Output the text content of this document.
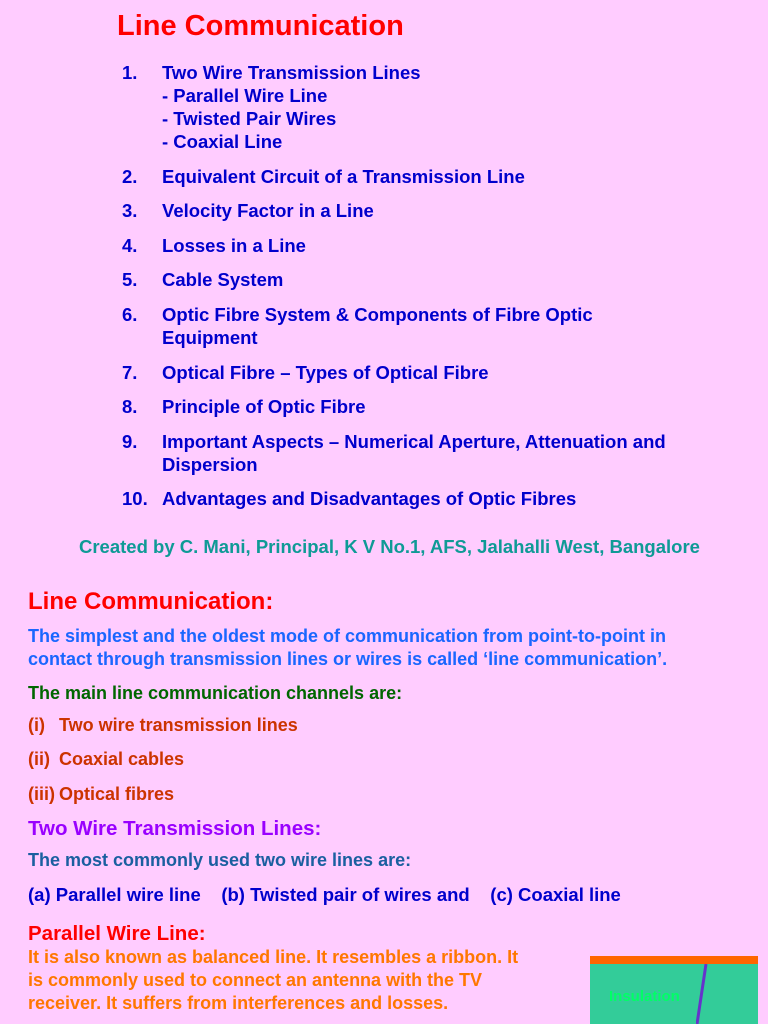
Line Communication
1. Two Wire Transmission Lines
- Parallel Wire Line
- Twisted Pair Wires
- Coaxial Line
2. Equivalent Circuit of a Transmission Line
3. Velocity Factor in a Line
4. Losses in a Line
5. Cable System
6. Optic Fibre System & Components of Fibre Optic
Equipment
7. Optical Fibre – Types of Optical Fibre
8. Principle of Optic Fibre
9. Important Aspects – Numerical Aperture, Attenuation and
Dispersion
10. Advantages and Disadvantages of Optic Fibres
Created by C. Mani, Principal, K V No.1, AFS, Jalahalli West, Bangalore
Line Communication:
The simplest and the oldest mode of communication from point-to-point in
contact through transmission lines or wires is called ‘line communication’.
The main line communication channels are:
(i) Two wire transmission lines
(ii) Coaxial cables
(iii) Optical fibres
Two Wire Transmission Lines:
The most commonly used two wire lines are:
(a) Parallel wire line (b) Twisted pair of wires and (c) Coaxial line
Parallel Wire Line:
It is also known as balanced line. It resembles a ribbon. It
is commonly used to connect an antenna with the TV
receiver. It suffers from interferences and losses.	Insulation
